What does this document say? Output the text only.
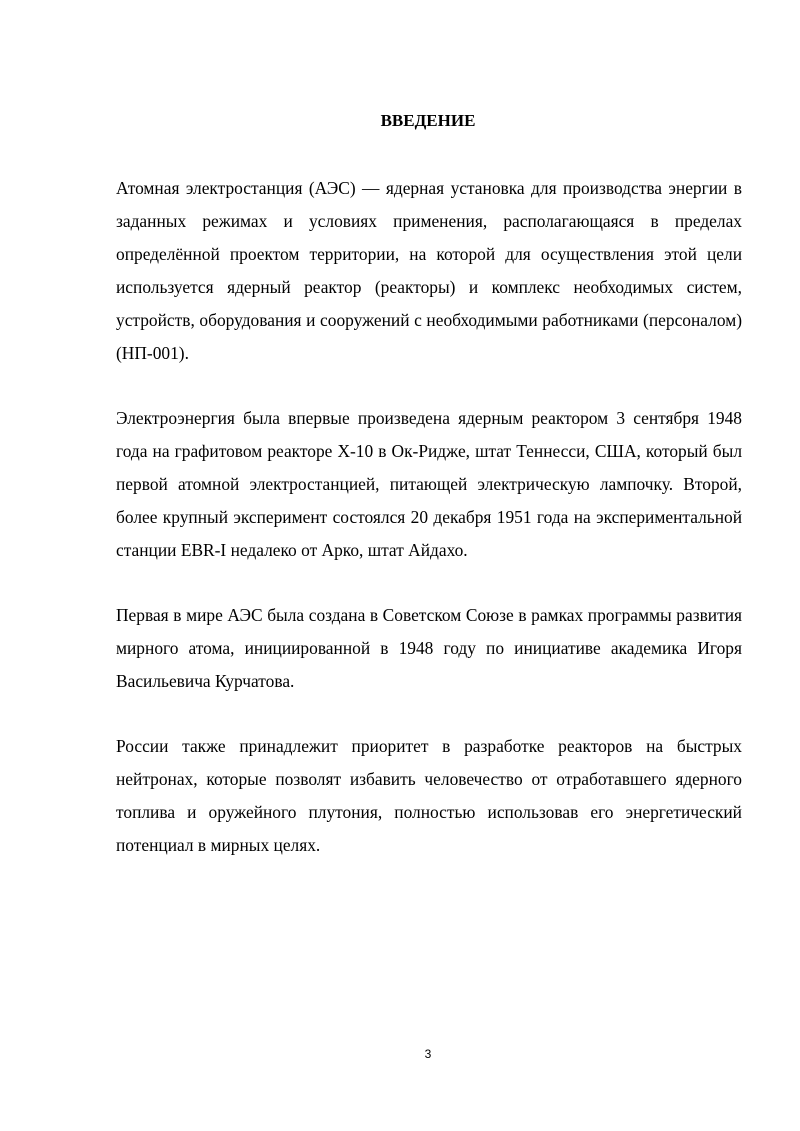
ВВЕДЕНИЕ

Атомная электростанция (АЭС) — ядерная установка для производства энергии в заданных режимах и условиях применения, располагающаяся в пределах определённой проектом территории, на которой для осуществления этой цели используется ядерный реактор (реакторы) и комплекс необходимых систем, устройств, оборудования и сооружений с необходимыми работниками (персоналом) (НП-001).

Электроэнергия была впервые произведена ядерным реактором 3 сентября 1948 года на графитовом реакторе X-10 в Ок-Ридже, штат Теннесси, США, который был первой атомной электростанцией, питающей электрическую лампочку. Второй, более крупный эксперимент состоялся 20 декабря 1951 года на экспериментальной станции EBR-I недалеко от Арко, штат Айдахо.

Первая в мире АЭС была создана в Советском Союзе в рамках программы развития мирного атома, инициированной в 1948 году по инициативе академика Игоря Васильевича Курчатова.

России также принадлежит приоритет в разработке реакторов на быстрых нейтронах, которые позволят избавить человечество от отработавшего ядерного топлива и оружейного плутония, полностью использовав его энергетический потенциал в мирных целях.

3
